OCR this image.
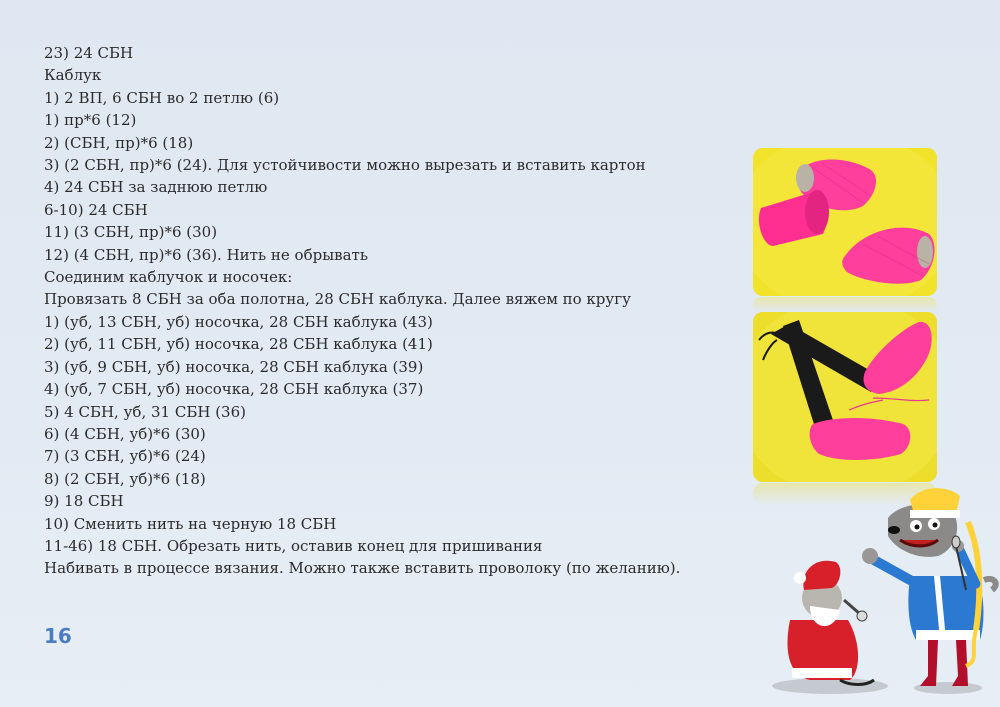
23) 24 СБН
Каблук
1) 2 ВП, 6 СБН во 2 петлю (6)
1) пр*6 (12)
2) (СБН, пр)*6 (18)
3) (2 СБН, пр)*6 (24). Для устойчивости можно вырезать и вставить картон
4) 24 СБН за заднюю петлю
6-10) 24 СБН
11) (3 СБН, пр)*6 (30)
12) (4 СБН, пр)*6 (36). Нить не обрывать
Соединим каблучок и носочек:
Провязать 8 СБН за оба полотна, 28 СБН каблука. Далее вяжем по кругу
1) (уб, 13 СБН, уб) носочка, 28 СБН каблука (43)
2) (уб, 11 СБН, уб) носочка, 28 СБН каблука (41)
3) (уб, 9 СБН, уб) носочка, 28 СБН каблука (39)
4) (уб, 7 СБН, уб) носочка, 28 СБН каблука (37)
5) 4 СБН, уб, 31 СБН (36)
6) (4 СБН, уб)*6 (30)
7) (3 СБН, уб)*6 (24)
8) (2 СБН, уб)*6 (18)
9) 18 СБН
10) Сменить нить на черную 18 СБН
11-46) 18 СБН. Обрезать нить, оставив конец для пришивания
Набивать в процессе вязания. Можно также вставить проволоку (по желанию).
16
